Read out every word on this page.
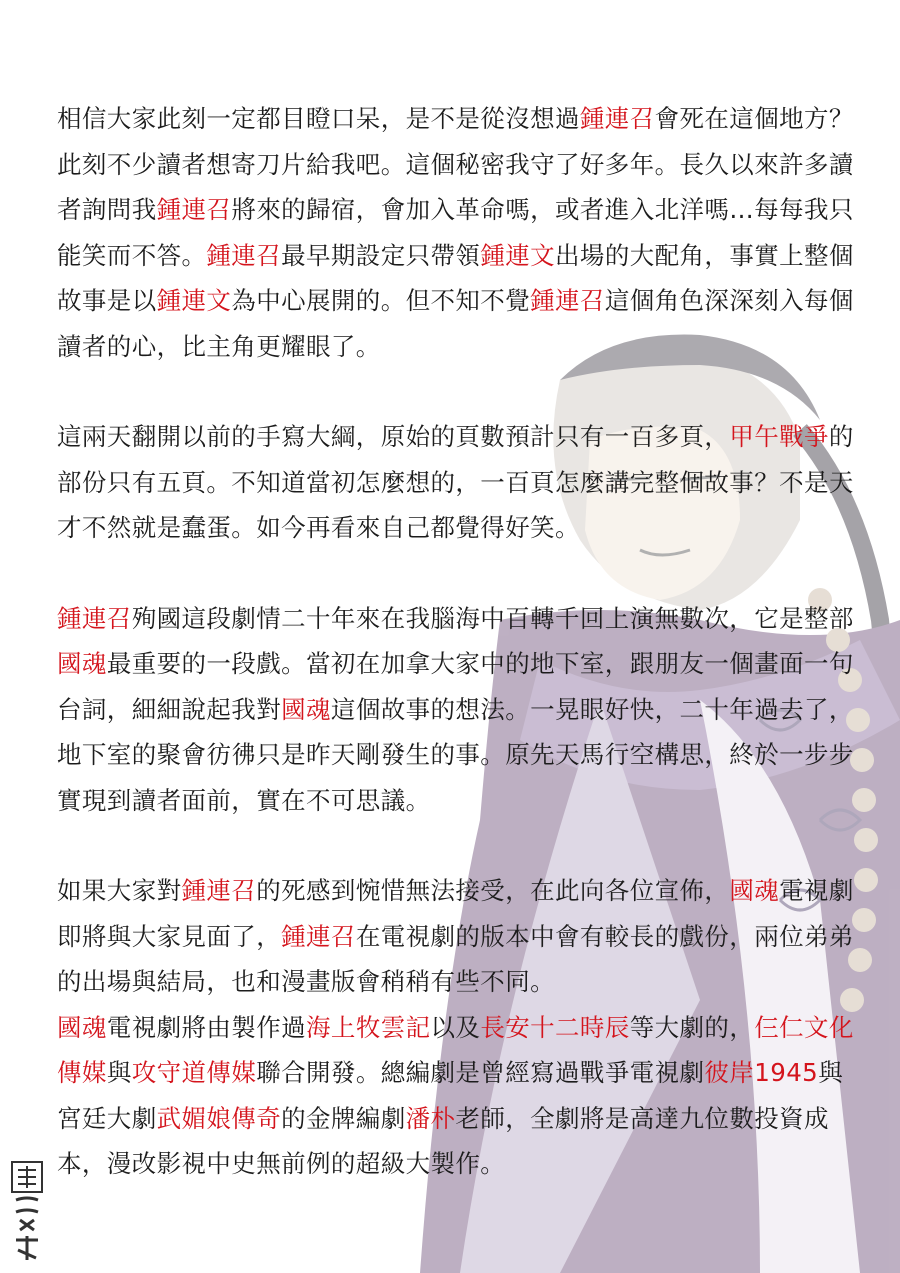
相信大家此刻一定都目瞪口呆，是不是從沒想過鍾連召會死在這個地方？此刻不少讀者想寄刀片給我吧。這個秘密我守了好多年。長久以來許多讀者詢問我鍾連召將來的歸宿，會加入革命嗎，或者進入北洋嗎…每每我只能笑而不答。鍾連召最早期設定只帶領鍾連文出場的大配角，事實上整個故事是以鍾連文為中心展開的。但不知不覺鍾連召這個角色深深刻入每個讀者的心，比主角更耀眼了。

這兩天翻開以前的手寫大綱，原始的頁數預計只有一百多頁，甲午戰爭的部份只有五頁。不知道當初怎麼想的，一百頁怎麼講完整個故事？不是天才不然就是蠢蛋。如今再看來自己都覺得好笑。

鍾連召殉國這段劇情二十年來在我腦海中百轉千回上演無數次，它是整部國魂最重要的一段戲。當初在加拿大家中的地下室，跟朋友一個畫面一句台詞，細細說起我對國魂這個故事的想法。一晃眼好快，二十年過去了，地下室的聚會彷彿只是昨天剛發生的事。原先天馬行空構思，終於一步步實現到讀者面前，實在不可思議。

如果大家對鍾連召的死感到惋惜無法接受，在此向各位宣佈，國魂電視劇即將與大家見面了，鍾連召在電視劇的版本中會有較長的戲份，兩位弟弟的出場與結局，也和漫畫版會稍稍有些不同。

國魂電視劇將由製作過海上牧雲記以及長安十二時辰等大劇的，仨仁文化傳媒與攻守道傳媒聯合開發。總編劇是曾經寫過戰爭電視劇彼岸1945與宮廷大劇武媚娘傳奇的金牌編劇潘朴老師，全劇將是高達九位數投資成本，漫改影視中史無前例的超級大製作。
